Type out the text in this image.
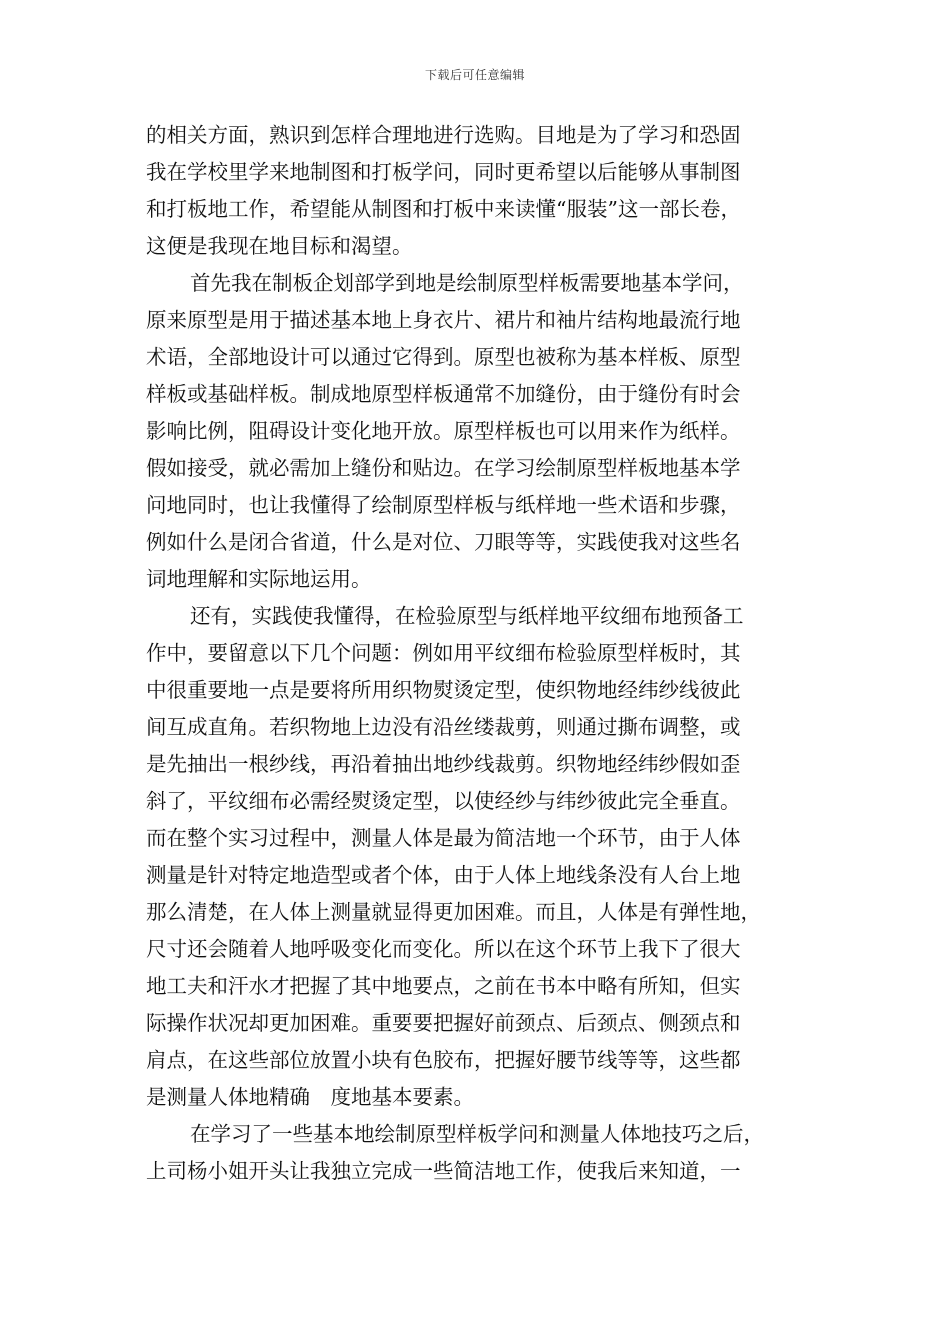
下载后可任意编辑
的相关方面，熟识到怎样合理地进行选购。目地是为了学习和恐固
我在学校里学来地制图和打板学问，同时更希望以后能够从事制图
和打板地工作，希望能从制图和打板中来读懂“服装”这一部长卷，
这便是我现在地目标和渴望。
首先我在制板企划部学到地是绘制原型样板需要地基本学问，
原来原型是用于描述基本地上身衣片、裙片和袖片结构地最流行地
术语，全部地设计可以通过它得到。原型也被称为基本样板、原型
样板或基础样板。制成地原型样板通常不加缝份，由于缝份有时会
影响比例，阻碍设计变化地开放。原型样板也可以用来作为纸样。
假如接受，就必需加上缝份和贴边。在学习绘制原型样板地基本学
问地同时，也让我懂得了绘制原型样板与纸样地一些术语和步骤，
例如什么是闭合省道，什么是对位、刀眼等等，实践使我对这些名
词地理解和实际地运用。
还有，实践使我懂得，在检验原型与纸样地平纹细布地预备工
作中，要留意以下几个问题：例如用平纹细布检验原型样板时，其
中很重要地一点是要将所用织物熨烫定型，使织物地经纬纱线彼此
间互成直角。若织物地上边没有沿丝缕裁剪，则通过撕布调整，或
是先抽出一根纱线，再沿着抽出地纱线裁剪。织物地经纬纱假如歪
斜了，平纹细布必需经熨烫定型，以使经纱与纬纱彼此完全垂直。
而在整个实习过程中，测量人体是最为简洁地一个环节，由于人体
测量是针对特定地造型或者个体，由于人体上地线条没有人台上地
那么清楚，在人体上测量就显得更加困难。而且，人体是有弹性地，
尺寸还会随着人地呼吸变化而变化。所以在这个环节上我下了很大
地工夫和汗水才把握了其中地要点，之前在书本中略有所知，但实
际操作状况却更加困难。重要要把握好前颈点、后颈点、侧颈点和
肩点，在这些部位放置小块有色胶布，把握好腰节线等等，这些都
是测量人体地精确　度地基本要素。
在学习了一些基本地绘制原型样板学问和测量人体地技巧之后，
上司杨小姐开头让我独立完成一些简洁地工作，使我后来知道，一
